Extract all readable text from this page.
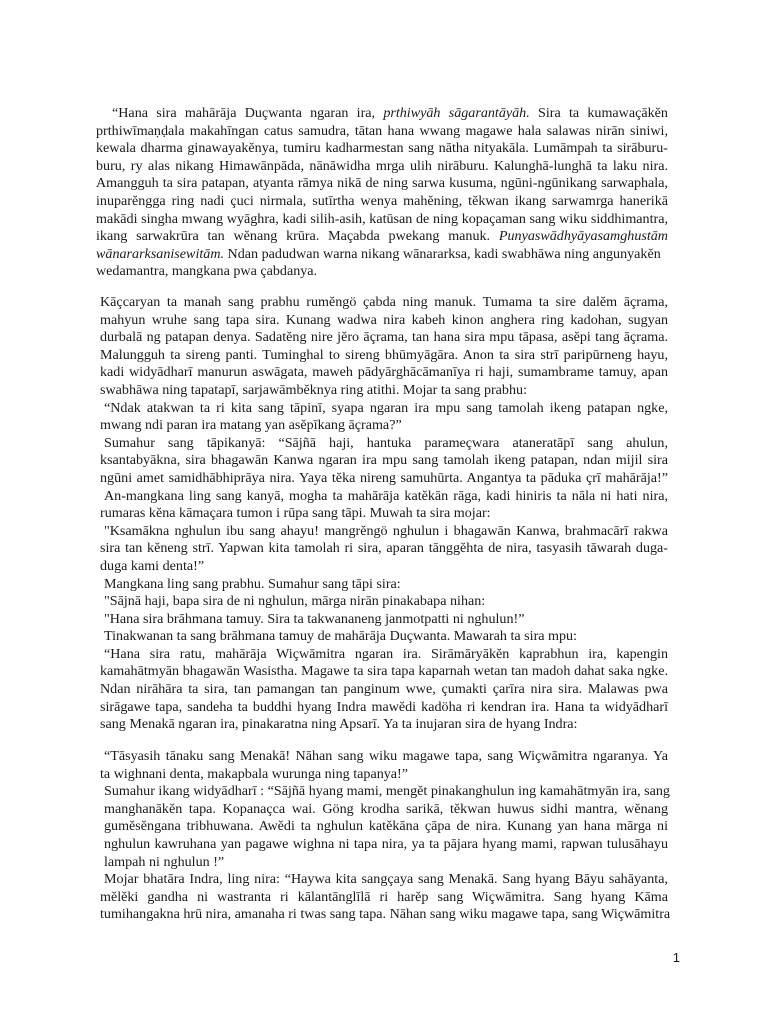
“Hana sira mahārāja Duçwanta ngaran ira, prthiwyāh sāgarantāyāh. Sira ta kumawaçākĕn
prthiwīmaṇḍala makahīngan catus samudra, tātan hana wwang magawe hala salawas nirān siniwi,
kewala dharma ginawayakĕnya, tumiru kadharmestan sang nātha nityakāla. Lumāmpah ta sirāburu-
buru, ry alas nikang Himawānpāda, nānāwidha mrga ulih nirāburu. Kalunghā-lunghā ta laku nira.
Amangguh ta sira patapan, atyanta rāmya nikā de ning sarwa kusuma, ngūni-ngūnikang sarwaphala,
inuparĕngga ring nadi çuci nirmala, sutīrtha wenya mahĕning, tĕkwan ikang sarwamrga hanerikā
makādi singha mwang wyāghra, kadi silih-asih, katūsan de ning kopaçaman sang wiku siddhimantra,
ikang sarwakrūra tan wĕnang krūra. Maçabda pwekang manuk. Punyaswādhyāyasamghustām
wānararksanisewitām. Ndan padudwan warna nikang wānararksa, kadi swabhāwa ning angunyakĕn
wedamantra, mangkana pwa çabdanya.
Kāçcaryan ta manah sang prabhu rumĕngö çabda ning manuk. Tumama ta sire dalĕm āçrama,
mahyun wruhe sang tapa sira. Kunang wadwa nira kabeh kinon anghera ring kadohan, sugyan
durbalā ng patapan denya. Sadatĕng nire jĕro āçrama, tan hana sira mpu tāpasa, asĕpi tang āçrama.
Malungguh ta sireng panti. Tuminghal to sireng bhūmyāgāra. Anon ta sira strī paripūrneng hayu,
kadi widyādharī manurun aswāgata, maweh pādyārghācāmanīya ri haji, sumambrame tamuy, apan
swabhāwa ning tapatapī, sarjawāmbĕknya ring atithi. Mojar ta sang prabhu:
“Ndak atakwan ta ri kita sang tāpinī, syapa ngaran ira mpu sang tamolah ikeng patapan ngke,
mwang ndi paran ira matang yan asĕpīkang āçrama?”
Sumahur sang tāpikanyā: “Sājñā haji, hantuka parameçwara ataneratāpī sang ahulun,
ksantabyākna, sira bhagawān Kanwa ngaran ira mpu sang tamolah ikeng patapan, ndan mijil sira
ngūni amet samidhābhiprāya nira. Yaya tĕka nireng samuhūrta. Angantya ta pāduka çrī mahārāja!”
An-mangkana ling sang kanyā, mogha ta mahārāja katĕkān rāga, kadi hiniris ta nāla ni hati nira,
rumaras kĕna kāmaçara tumon i rūpa sang tāpi. Muwah ta sira mojar:
"Ksamākna nghulun ibu sang ahayu! mangrĕngö nghulun i bhagawān Kanwa, brahmacārī rakwa
sira tan kĕneng strī. Yapwan kita tamolah ri sira, aparan tānggĕhta de nira, tasyasih tāwarah duga-
duga kami denta!”
Mangkana ling sang prabhu. Sumahur sang tāpi sira:
"Sājnā haji, bapa sira de ni nghulun, mārga nirān pinakabapa nihan:
"Hana sira brāhmana tamuy. Sira ta takwananeng janmotpatti ni nghulun!”
Tinakwanan ta sang brāhmana tamuy de mahārāja Duçwanta. Mawarah ta sira mpu:
“Hana sira ratu, mahārāja Wiçwāmitra ngaran ira. Sirāmāryākĕn kaprabhun ira, kapengin
kamahātmyān bhagawān Wasistha. Magawe ta sira tapa kaparnah wetan tan madoh dahat saka ngke.
Ndan nirāhāra ta sira, tan pamangan tan panginum wwe, çumakti çarīra nira sira. Malawas pwa
sirāgawe tapa, sandeha ta buddhi hyang Indra mawĕdi kadöha ri kendran ira. Hana ta widyādharī
sang Menakā ngaran ira, pinakaratna ning Apsarī. Ya ta inujaran sira de hyang Indra:
“Tāsyasih tānaku sang Menakā! Nāhan sang wiku magawe tapa, sang Wiçwāmitra ngaranya. Ya
ta wighnani denta, makapbala wurunga ning tapanya!”
Sumahur ikang widyādharī : “Sājñā hyang mami, mengĕt pinakanghulun ing kamahātmyān ira, sang
manghanākĕn tapa. Kopanaçca wai. Göng krodha sarikā, tĕkwan huwus sidhi mantra, wĕnang
gumĕsĕngana tribhuwana. Awĕdi ta nghulun katĕkāna çāpa de nira. Kunang yan hana mārga ni
nghulun kawruhana yan pagawe wighna ni tapa nira, ya ta pājara hyang mami, rapwan tulusāhayu
lampah ni nghulun !”
Mojar bhatāra Indra, ling nira: “Haywa kita sangçaya sang Menakā. Sang hyang Bāyu sahāyanta,
mĕlĕki gandha ni wastranta ri kālantānglīlā ri harĕp sang Wiçwāmitra. Sang hyang Kāma
tumihangakna hrū nira, amanaha ri twas sang tapa. Nāhan sang wiku magawe tapa, sang Wiçwāmitra
1
